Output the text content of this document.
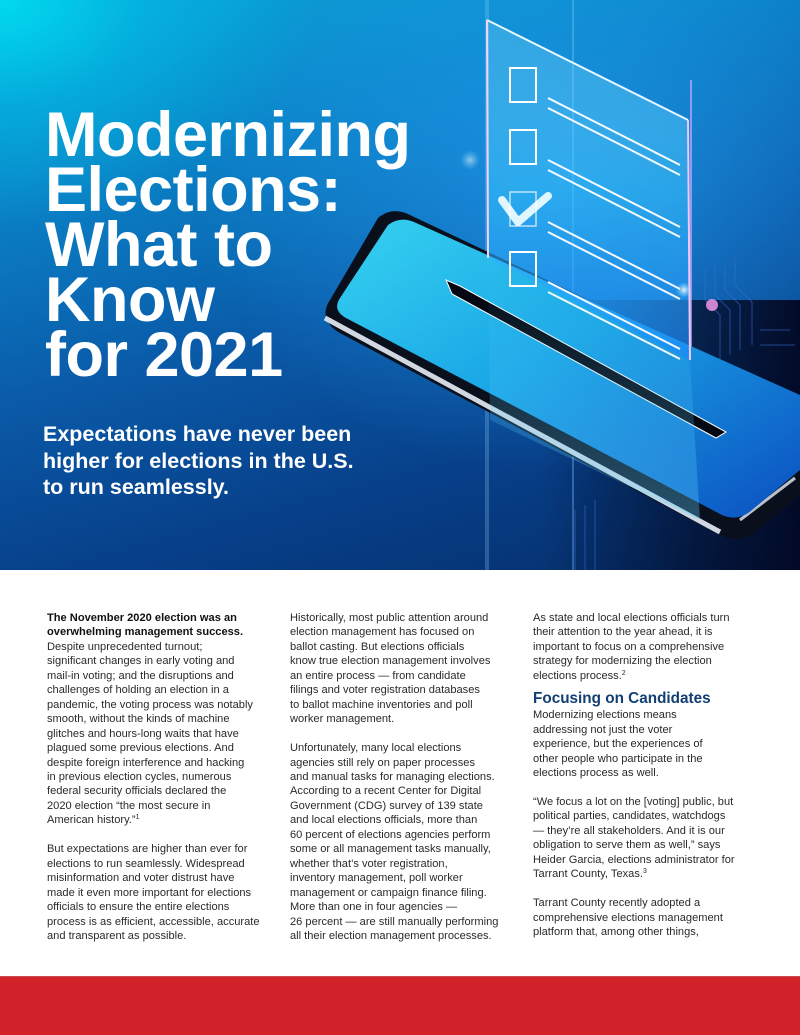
Modernizing
Elections:
What to
Know
for 2021
Expectations have never been
higher for elections in the U.S.
to run seamlessly.

The November 2020 election was an
overwhelming management success.
Despite unprecedented turnout;
significant changes in early voting and
mail-in voting; and the disruptions and
challenges of holding an election in a
pandemic, the voting process was notably
smooth, without the kinds of machine
glitches and hours-long waits that have
plagued some previous elections. And
despite foreign interference and hacking
in previous election cycles, numerous
federal security officials declared the
2020 election “the most secure in
American history.”$^1$

But expectations are higher than ever for
elections to run seamlessly. Widespread
misinformation and voter distrust have
made it even more important for elections
officials to ensure the entire elections
process is as efficient, accessible, accurate
and transparent as possible.

Historically, most public attention around
election management has focused on
ballot casting. But elections officials
know true election management involves
an entire process — from candidate
filings and voter registration databases
to ballot machine inventories and poll
worker management.

Unfortunately, many local elections
agencies still rely on paper processes
and manual tasks for managing elections.
According to a recent Center for Digital
Government (CDG) survey of 139 state
and local elections officials, more than
60 percent of elections agencies perform
some or all management tasks manually,
whether that’s voter registration,
inventory management, poll worker
management or campaign finance filing.
More than one in four agencies —
26 percent — are still manually performing
all their election management processes.

As state and local elections officials turn
their attention to the year ahead, it is
important to focus on a comprehensive
strategy for modernizing the election
elections process.$^2$

Focusing on Candidates

Modernizing elections means
addressing not just the voter
experience, but the experiences of
other people who participate in the
elections process as well.

“We focus a lot on the [voting] public, but
political parties, candidates, watchdogs
— they’re all stakeholders. And it is our
obligation to serve them as well,” says
Heider Garcia, elections administrator for
Tarrant County, Texas.$^3$

Tarrant County recently adopted a
comprehensive elections management
platform that, among other things,
